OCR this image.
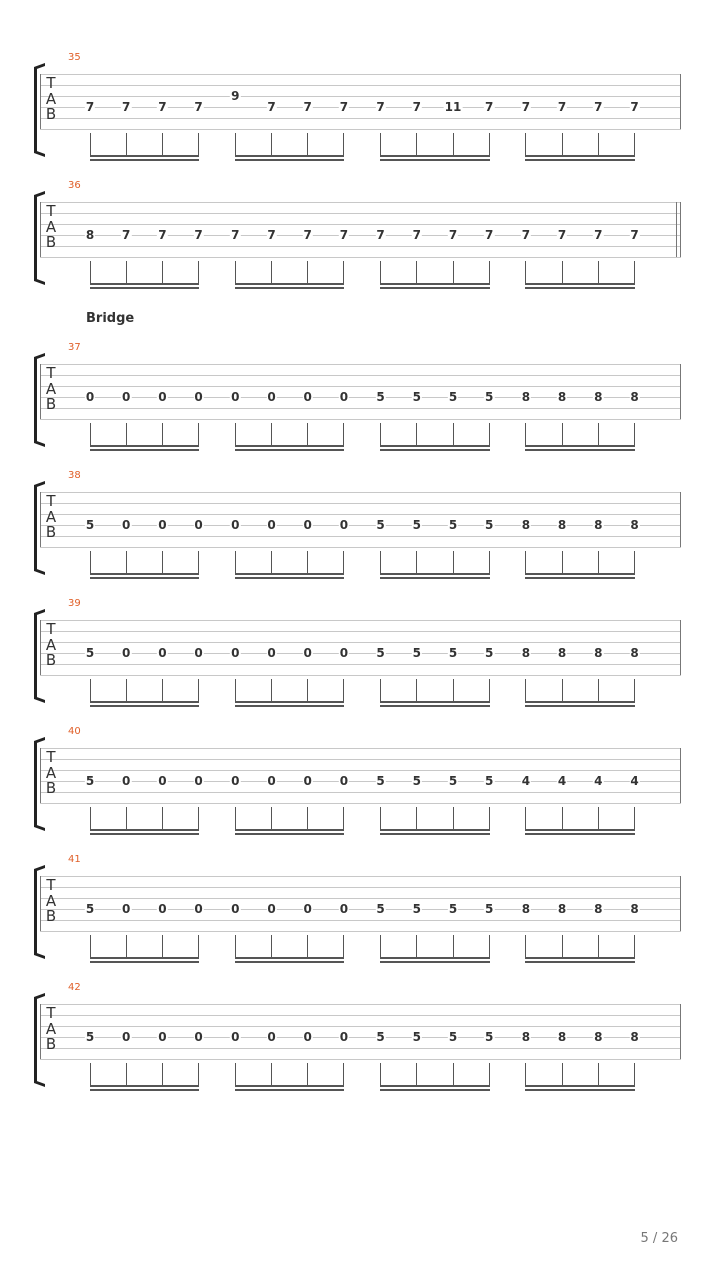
35
T
A
B 7 7 7 7
9
7 7 7 7 7 11 7 7 7 7 7
36
T
A
B 8 7 7 7 7 7 7 7 7 7 7 7 7 7 7 7
37
T
A
B 0 0 0 0 0 0 0 0 5 5 5 5 8 8 8 8
38
T
A
B 5 0 0 0 0 0 0 0 5 5 5 5 8 8 8 8
39
T
A
B 5 0 0 0 0 0 0 0 5 5 5 5 8 8 8 8
40
T
A
B 5 0 0 0 0 0 0 0 5 5 5 5 4 4 4 4
41
T
A
B 5 0 0 0 0 0 0 0 5 5 5 5 8 8 8 8
42
T
A
B 5 0 0 0 0 0 0 0 5 5 5 5 8 8 8 8
Bridge
5 / 26
